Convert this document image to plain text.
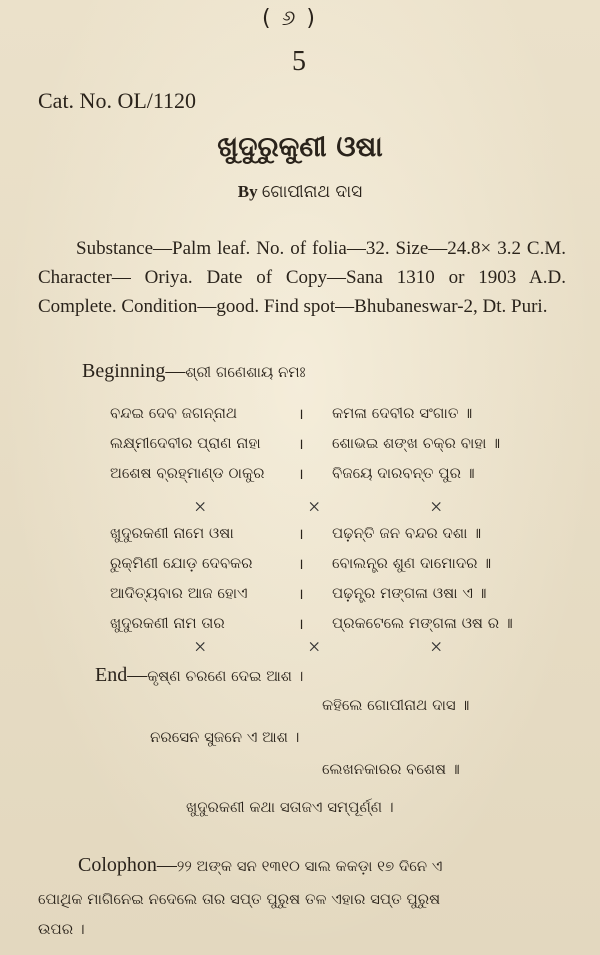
( ୬ )
5
Cat. No. OL/1120
ଖୁଦୁରୁକୁଣୀ ଓଷା
By ଗୋପୀନାଥ ଦାସ
Substance—Palm leaf. No. of folia—32. Size—24.8× 3.2 C.M. Character— Oriya. Date of Copy—Sana 1310 or 1903 A.D. Complete. Condition—good. Find spot—Bhubaneswar-2, Dt. Puri.
Beginning—ଶ୍ରୀ ଗଣେଶାୟ ନମଃ
ବନ୍ଦଇ ଦେବ ଜଗନ୍ନାଥ	। କମଳା ଦେବୀର ସଂଗାତ ॥
ଲକ୍ଷ୍ମୀଦେବୀର ପ୍ରାଣ ନାହା । ଶୋଭଇ ଶଙ୍ଖ ଚକ୍ର ବାହା ॥
ଅଶେଷ ବ୍ରହ୍ମାଣ୍ଡ ଠାକୁର । ବିଜୟେ ଦାରବନ୍ତ ପୁର ॥
×	×	×
ଖୁଦୁରକଣୀ ନାମେ ଓଷା	। ପଢ଼ନ୍ତି ଜନ ବନ୍ଦର ଦଶା ॥
ରୁକ୍ମିଣୀ ଯୋଡ଼ ଦେବକର	। ବୋଲନ୍ତ୍ର ଶୁଣ ଦାମୋଦର ॥
ଆଦିତ୍ୟବାର ଆଜ ହୋଏ	। ପଢ଼ନ୍ତ୍ର ମଙ୍ଗଳା ଓଷା ଏ ॥
ଖୁଦୁରକଣୀ ନାମ ତାର	। ପ୍ରକଟେଲେ ମଙ୍ଗଳା ଓଷ ର ॥
×	×	×
End—କୃଷ୍ଣ ଚରଣେ ଦେଇ ଆଶ ।
କହିଲେ ଗୋପୀନାଥ ଦାସ ॥
ନରସେନ ସୁଜନେ ଏ ଆଶ ।
ଲେଖନକାରର ବଶେଷ ॥
ଖୁଦୁରକଣୀ କଥା ସତାଜଏ ସମ୍ପୂର୍ଣ୍ଣ ।
Colophon—୨୨ ଅଙ୍କ ସନ ୧୩୧୦ ସାଲ କକଡ଼ା ୧୭ ଦିନେ ଏ
ପୋଥିକ ମାଗିନେଇ ନଦେଲେ ତାର ସପ୍ତ ପୁରୁଷ ତଳ ଏହାର ସପ୍ତ ପୁରୁଷ
ଉପର ।
